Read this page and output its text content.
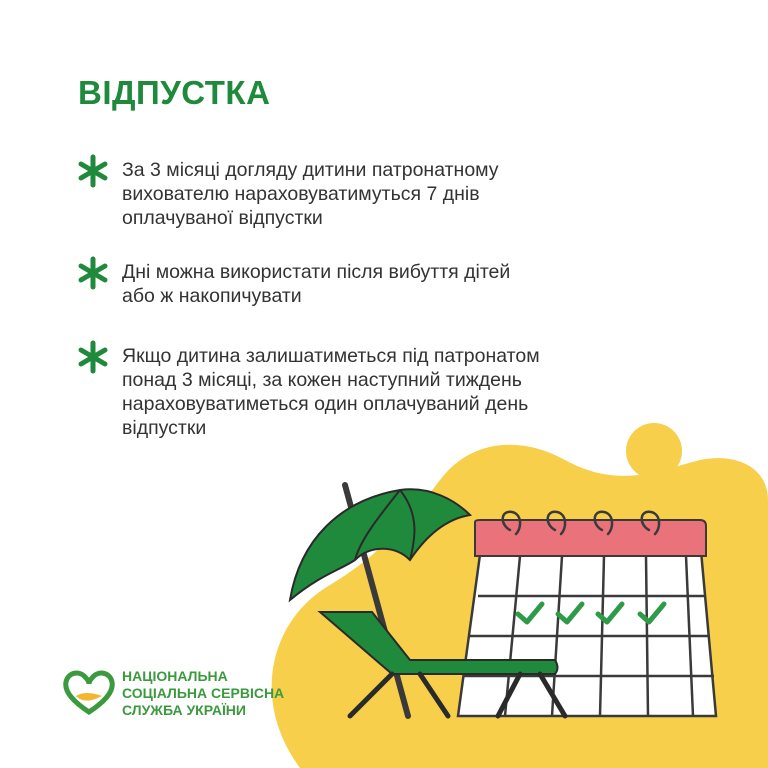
ВІДПУСТКА

За 3 місяці догляду дитини патронатному вихователю нараховуватимуться 7 днів оплачуваної відпустки

Дні можна використати після вибуття дітей або ж накопичувати

Якщо дитина залишатиметься під патронатом понад 3 місяці, за кожен наступний тиждень нараховуватиметься один оплачуваний день відпустки

НАЦІОНАЛЬНА
СОЦІАЛЬНА СЕРВІСНА
СЛУЖБА УКРАЇНИ
